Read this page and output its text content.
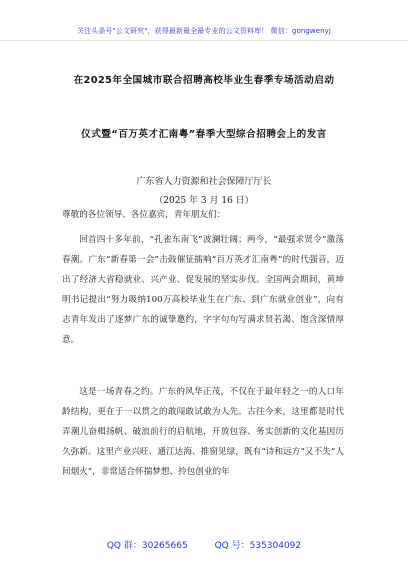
关注头条号"公文研究"，获得最新最全最专业的公文资料库！ 微信：gongwenyj
在2025年全国城市联合招聘高校毕业生春季专场活动启动
仪式暨“百万英才汇南粤”春季大型综合招聘会上的发言
广东省人力资源和社会保障厅厅长
（2025 年 3 月 16 日）
尊敬的各位领导、各位嘉宾，青年朋友们：
回首四十多年前，“孔雀东南飞”波澜壮阔；两今，“最强求贤令”激荡春潮。广东“新春第一会”击鼓催征擂响“百万英才汇南粤”的时代强音，迈出了经济大省稳就业、兴产业、促发展的坚实步伐。全国两会期间，黄坤明书记提出“努力吸纳100万高校毕业生在广东、到广东就业创业”，向有志青年发出了逐梦广东的诚挚邀约，字字句句写满求贤若渴、饱含深情厚意。
这是一场青春之约。广东的风华正茂，不仅在于最年轻之一的人口年龄结构，更在于一以贯之的敢闯敢试敢为人先。古往今来，这里都是时代弄潮儿奋楫扬帆、破浪前行的启航地，开放包容、务实创新的文化基因历久弥新。这里产业兴旺、通江达海、推窗见绿，既有“诗和远方”又不失“人间烟火”，非常适合怀揣梦想、拎包创业的年
QQ 群：30265665	QQ 号：535304092
